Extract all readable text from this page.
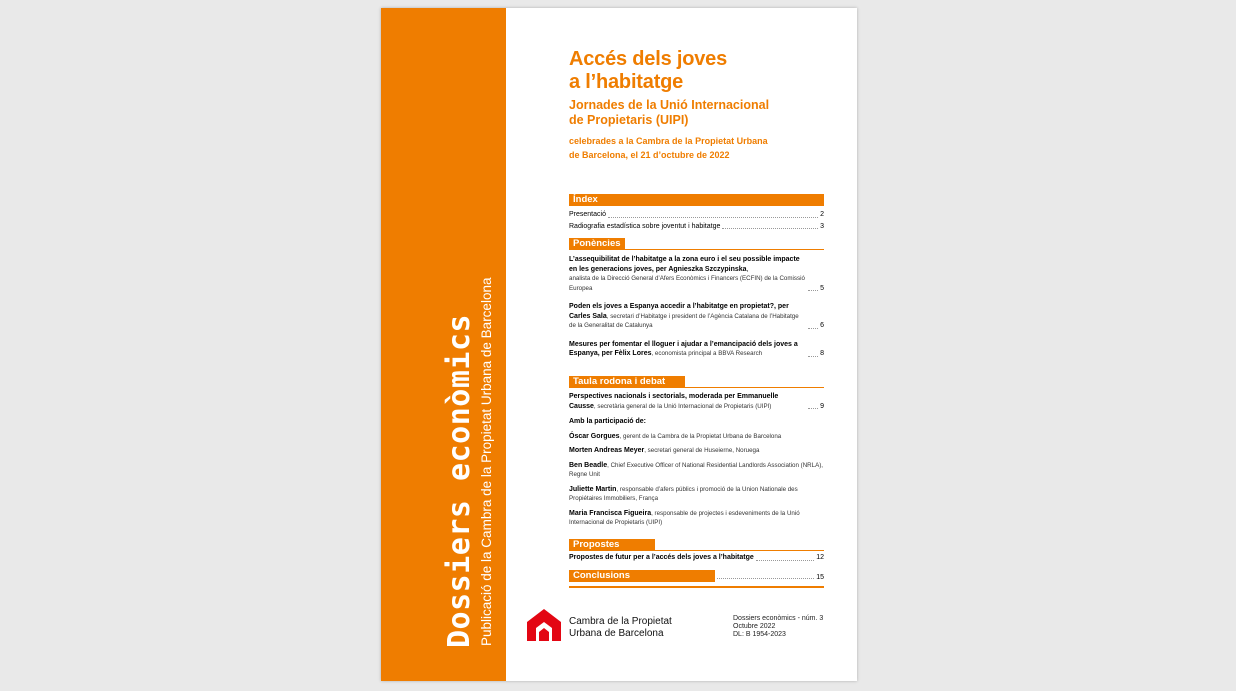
Dossiers econòmics Publicació de la Cambra de la Propietat Urbana de Barcelona
Accés dels joves
a l’habitatge
Jornades de la Unió Internacional
de Propietaris (UIPI)
celebrades a la Cambra de la Propietat Urbana
de Barcelona, el 21 d’octubre de 2022
Índex
Presentació	2
Radiografia estadística sobre joventut i habitatge	3
Ponències
L’assequibilitat de l’habitatge a la zona euro i el seu possible impacte en les generacions joves, per Agnieszka Szczypinska,
analista de la Direcció General d’Afers Econòmics i Financers (ECFIN) de la Comissió Europea	5
Poden els joves a Espanya accedir a l’habitatge en propietat?, per Carles Sala, secretari d’Habitatge i president de l’Agència Catalana de l’Habitatge de la Generalitat de Catalunya	6
Mesures per fomentar el lloguer i ajudar a l’emancipació dels joves a Espanya, per Fèlix Lores, economista principal a BBVA Research	8
Taula rodona i debat
Perspectives nacionals i sectorials, moderada per Emmanuelle Causse, secretària general de la Unió Internacional de Propietaris (UIPI)	9
Amb la participació de:
Óscar Gorgues, gerent de la Cambra de la Propietat Urbana de Barcelona
Morten Andreas Meyer, secretari general de Huseierne, Noruega
Ben Beadle, Chief Executive Officer of National Residential Landlords Association (NRLA), Regne Unit
Juliette Martin, responsable d’afers públics i promoció de la Union Nationale des Propiétaires Immobiliers, França
Maria Francisca Figueira, responsable de projectes i esdeveniments de la Unió Internacional de Propietaris (UIPI)
Propostes
Propostes de futur per a l’accés dels joves a l’habitatge	12
Conclusions	15
Cambra de la Propietat
Urbana de Barcelona
Dossiers econòmics - núm. 3
Octubre 2022
DL: B 1954-2023
